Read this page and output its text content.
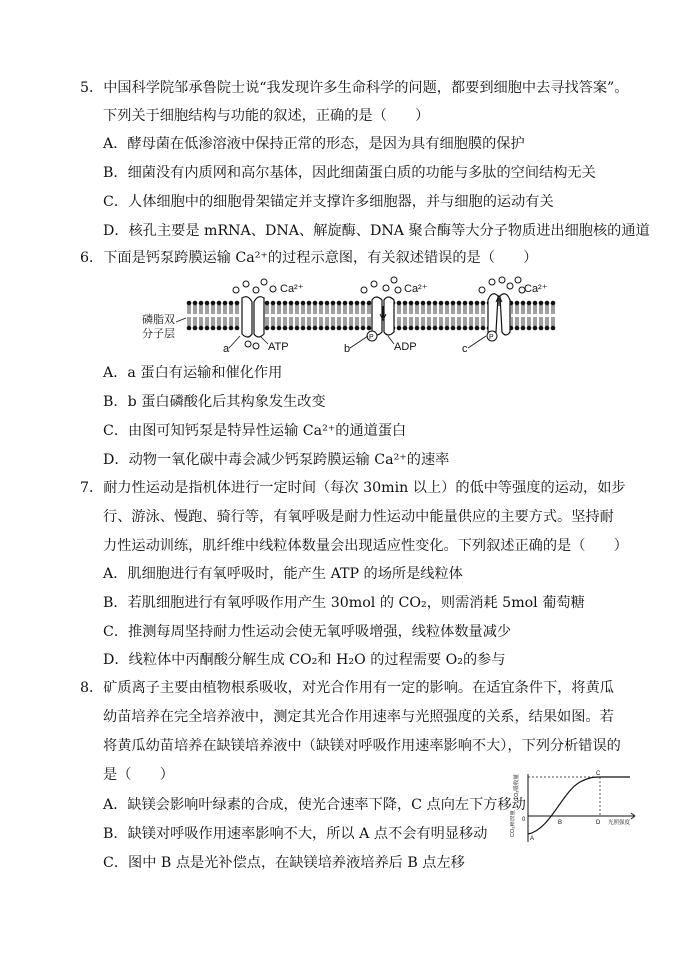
5．中国科学院邹承鲁院士说“我发现许多生命科学的问题，都要到细胞中去寻找答案”。
下列关于细胞结构与功能的叙述，正确的是（　　）
A．酵母菌在低渗溶液中保持正常的形态，是因为具有细胞膜的保护
B．细菌没有内质网和高尔基体，因此细菌蛋白质的功能与多肽的空间结构无关
C．人体细胞中的细胞骨架锚定并支撑许多细胞器，并与细胞的运动有关
D．核孔主要是 mRNA、DNA、解旋酶、DNA 聚合酶等大分子物质进出细胞核的通道
6．下面是钙泵跨膜运输 Ca²⁺的过程示意图，有关叙述错误的是（　　）
磷脂双
分子层
Ca²⁺
a	ATP
P
Ca²⁺
b	ADP
P
Ca²⁺
c
A．a 蛋白有运输和催化作用
B．b 蛋白磷酸化后其构象发生改变
C．由图可知钙泵是特异性运输 Ca²⁺的通道蛋白
D．动物一氧化碳中毒会减少钙泵跨膜运输 Ca²⁺的速率
7．耐力性运动是指机体进行一定时间（每次 30min 以上）的低中等强度的运动，如步
行、游泳、慢跑、骑行等，有氧呼吸是耐力性运动中能量供应的主要方式。坚持耐
力性运动训练，肌纤维中线粒体数量会出现适应性变化。下列叙述正确的是（　　）
A．肌细胞进行有氧呼吸时，能产生 ATP 的场所是线粒体
B．若肌细胞进行有氧呼吸作用产生 30mol 的 CO₂，则需消耗 5mol 葡萄糖
C．推测每周坚持耐力性运动会使无氧呼吸增强，线粒体数量减少
D．线粒体中丙酮酸分解生成 CO₂和 H₂O 的过程需要 O₂的参与
8．矿质离子主要由植物根系吸收，对光合作用有一定的影响。在适宜条件下，将黄瓜
幼苗培养在完全培养液中，测定其光合作用速率与光照强度的关系，结果如图。若
将黄瓜幼苗培养在缺镁培养液中（缺镁对呼吸作用速率影响不大），下列分析错误的
是（　　）
A．缺镁会影响叶绿素的合成，使光合速率下降，C 点向左下方移动
B．缺镁对呼吸作用速率影响不大，所以 A 点不会有明显移动
C．图中 B 点是光补偿点，在缺镁培养液培养后 B 点左移
CO₂吸收量
CO₂释放量	光照强度
C
B	D
A
0
